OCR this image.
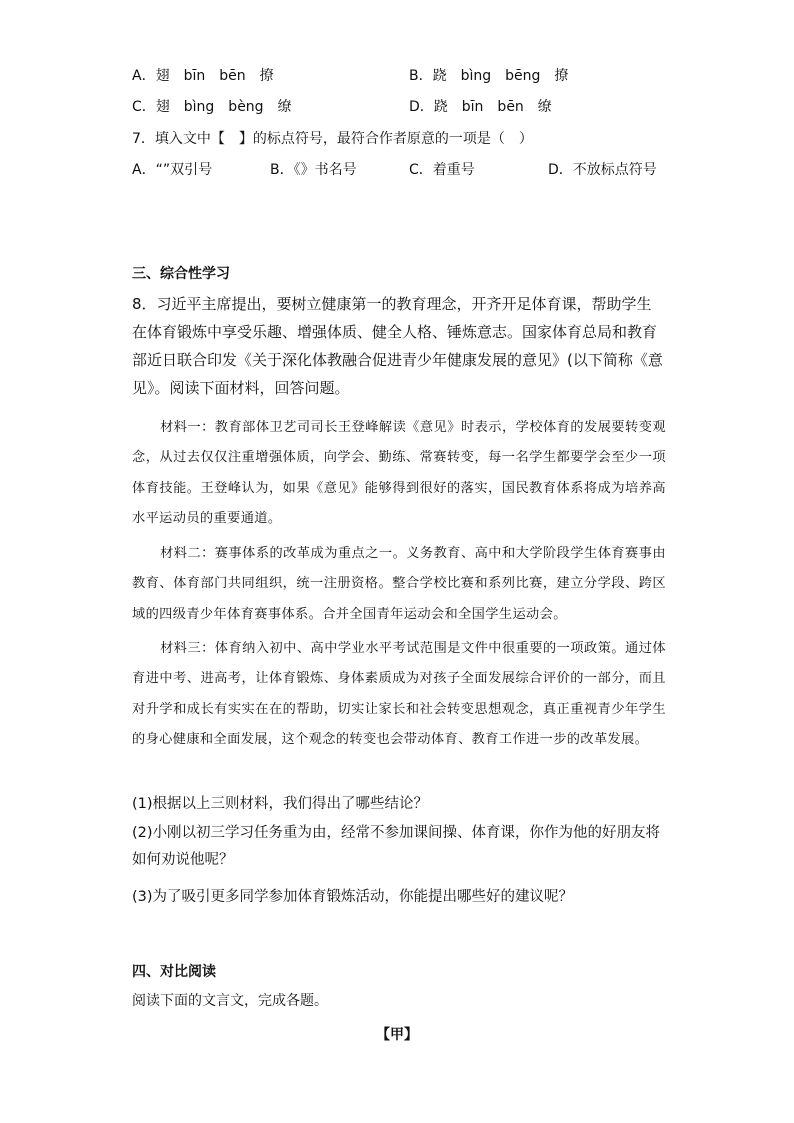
A．翅　bīn　bēn　撩	B．跷　bìng　bēng　撩
C．翅　bìng　bèng　缭	D．跷　bīn　bēn　缭
7．填入文中【　】的标点符号，最符合作者原意的一项是（　）
A．“”双引号	B．《》书名号	C．着重号	D．不放标点符号
三、综合性学习
8．习近平主席提出，要树立健康第一的教育理念，开齐开足体育课，帮助学生在体育锻炼中享受乐趣、增强体质、健全人格、锤炼意志。国家体育总局和教育部近日联合印发《关于深化体教融合促进青少年健康发展的意见》(以下简称《意见》。阅读下面材料，回答问题。
材料一：教育部体卫艺司司长王登峰解读《意见》时表示，学校体育的发展要转变观念，从过去仅仅注重增强体质，向学会、勤练、常赛转变，每一名学生都要学会至少一项体育技能。王登峰认为，如果《意见》能够得到很好的落实，国民教育体系将成为培养高水平运动员的重要通道。
材料二：赛事体系的改革成为重点之一。义务教育、高中和大学阶段学生体育赛事由教育、体育部门共同组织，统一注册资格。整合学校比赛和系列比赛，建立分学段、跨区域的四级青少年体育赛事体系。合并全国青年运动会和全国学生运动会。
材料三：体育纳入初中、高中学业水平考试范围是文件中很重要的一项政策。通过体育进中考、进高考，让体育锻炼、身体素质成为对孩子全面发展综合评价的一部分，而且对升学和成长有实实在在的帮助，切实让家长和社会转变思想观念，真正重视青少年学生的身心健康和全面发展，这个观念的转变也会带动体育、教育工作进一步的改革发展。
(1)根据以上三则材料，我们得出了哪些结论？
(2)小刚以初三学习任务重为由，经常不参加课间操、体育课，你作为他的好朋友将如何劝说他呢？
(3)为了吸引更多同学参加体育锻炼活动，你能提出哪些好的建议呢？
四、对比阅读
阅读下面的文言文，完成各题。
【甲】
